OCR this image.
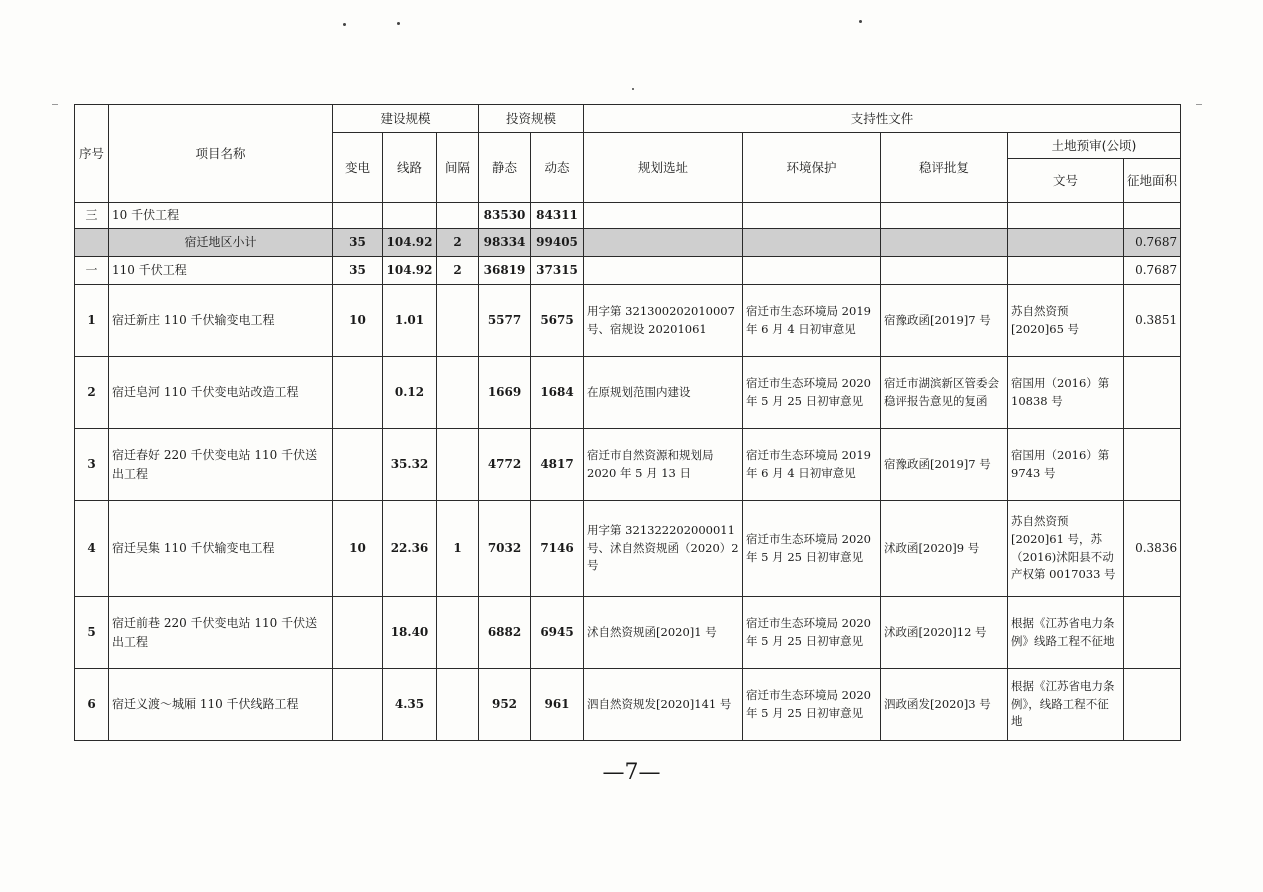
序号	项目名称	建设规模			投资规模		支持性文件				
		变电	线路	间隔	静态	动态	规划选址	环境保护	稳评批复	土地预审(公顷)	
										文号	征地面积
三	10 千伏工程				83530	84311					
	宿迁地区小计	35	104.92	2	98334	99405					0.7687
一	110 千伏工程	35	104.92	2	36819	37315					0.7687
1	宿迁新庄 110 千伏输变电工程	10	1.01		5577	5675	用字第 321300202010007 号、宿规设 20201061	宿迁市生态环境局 2019 年 6 月 4 日初审意见	宿豫政函[2019]7 号	苏自然资预 [2020]65 号	0.3851
2	宿迁皂河 110 千伏变电站改造工程		0.12		1669	1684	在原规划范围内建设	宿迁市生态环境局 2020 年 5 月 25 日初审意见	宿迁市湖滨新区管委会稳评报告意见的复函	宿国用（2016）第 10838 号	
3	宿迁春好 220 千伏变电站 110 千伏送出工程		35.32		4772	4817	宿迁市自然资源和规划局 2020 年 5 月 13 日	宿迁市生态环境局 2019 年 6 月 4 日初审意见	宿豫政函[2019]7 号	宿国用（2016）第 9743 号	
4	宿迁吴集 110 千伏输变电工程	10	22.36	1	7032	7146	用字第 321322202000011 号、沭自然资规函（2020）2 号	宿迁市生态环境局 2020 年 5 月 25 日初审意见	沭政函[2020]9 号	苏自然资预 [2020]61 号，苏（2016)沭阳县不动产权第 0017033 号	0.3836
5	宿迁前巷 220 千伏变电站 110 千伏送出工程		18.40		6882	6945	沭自然资规函[2020]1 号	宿迁市生态环境局 2020 年 5 月 25 日初审意见	沭政函[2020]12 号	根据《江苏省电力条例》线路工程不征地	
6	宿迁义渡～城厢 110 千伏线路工程		4.35		952	961	泗自然资规发[2020]141 号	宿迁市生态环境局 2020 年 5 月 25 日初审意见	泗政函发[2020]3 号	根据《江苏省电力条例》，线路工程不征地	
—7—
